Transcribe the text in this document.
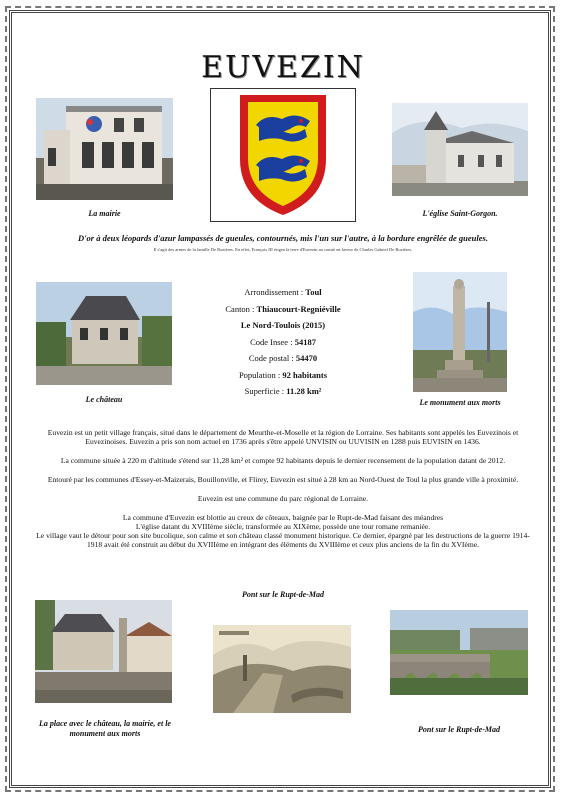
EUVEZIN
La mairie	L'église Saint-Gorgon.
D'or à deux léopards d'azur lampassés de gueules, contournés, mis l'un sur l'autre, à la bordure engrêlée de gueules.
Il s'agit des armes de la famille De Rozières. En effet, François III érigea la terre d'Euvezin au comté en faveur de Charles Gabriel De Rozières.
Le château
Arrondissement : Toul
Canton : Thiaucourt-Regniéville
Le Nord-Toulois (2015)
Code Insee : 54187
Code postal : 54470
Population : 92 habitants
Superficie : 11.28 km²
Le monument aux morts

Euvezin est un petit village français, situé dans le département de Meurthe-et-Moselle et la région de Lorraine. Ses habitants sont appelés les Euvezinois et Euvezinoises. Euvezin a pris son nom actuel en 1736 après s'être appelé UNVISIN ou UUVISIN en 1288 puis EUVISIN en 1436.

La commune située à 220 m d'altitude s'étend sur 11,28 km² et compte 92 habitants depuis le dernier recensement de la population datant de 2012.

Entouré par les communes d'Essey-et-Maizerais, Bouillonville, et Flirey, Euvezin est situé à 28 km au Nord-Ouest de Toul la plus grande ville à proximité.

Euvezin est une commune du parc régional de Lorraine.

La commune d'Euvezin est blottie au creux de côteaux, baignée par le Rupt-de-Mad faisant des méandres
L'église datant du XVIIIème siècle, transformée au XIXème, possède une tour romane remaniée.
Le village vaut le détour pour son site bucolique, son calme et son château classé monument historique. Ce dernier, épargné par les destructions de la guerre 1914-1918 avait été construit au début du XVIIIème en intégrant des éléments du XVIIIème et ceux plus anciens de la fin du XVIème.

Pont sur le Rupt-de-Mad
La place avec le château, la mairie, et le monument aux morts	Pont sur le Rupt-de-Mad
